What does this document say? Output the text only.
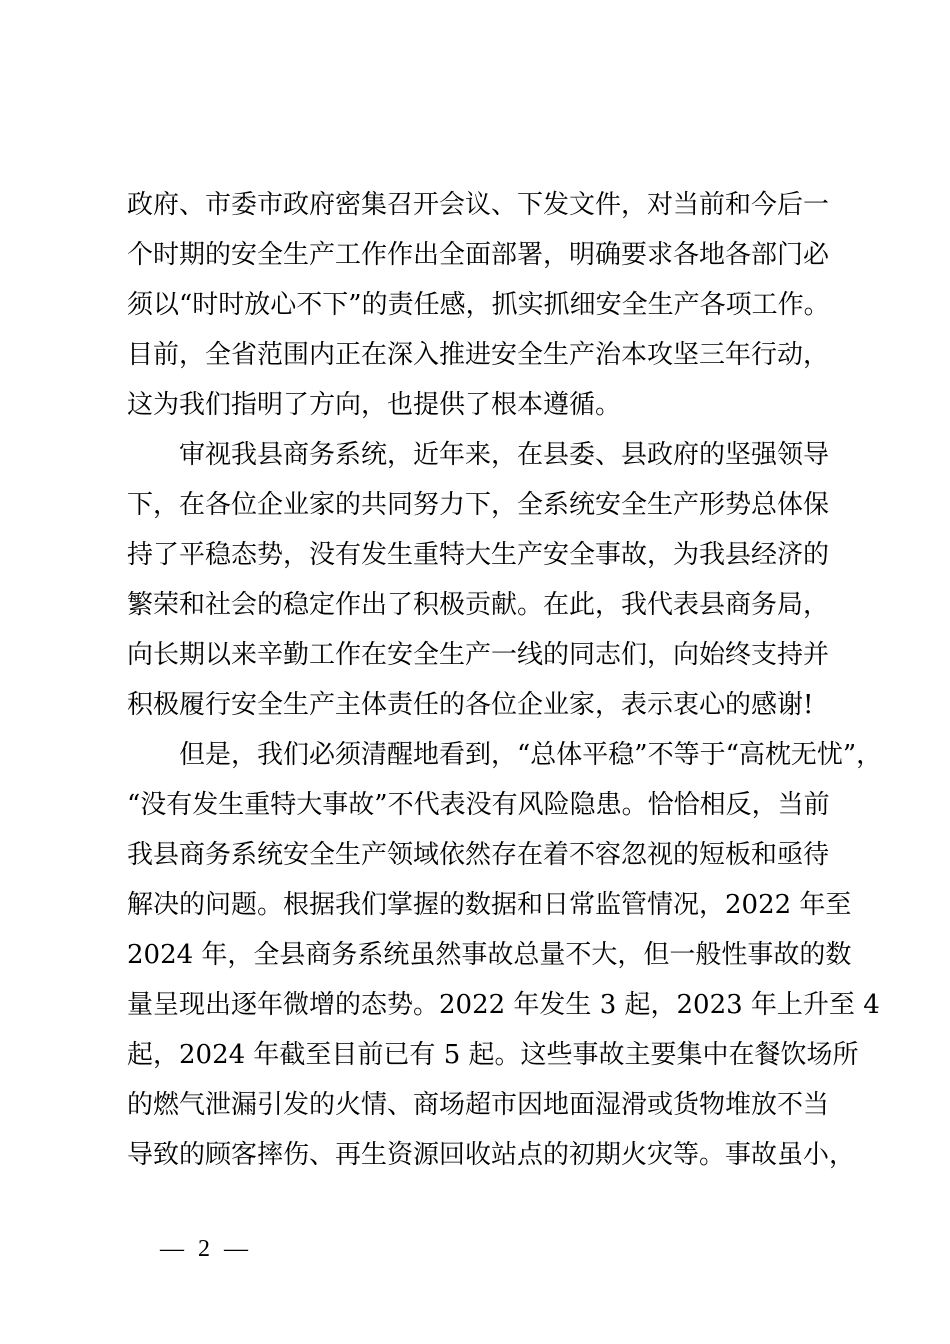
政府、市委市政府密集召开会议、下发文件，对当前和今后一
个时期的安全生产工作作出全面部署，明确要求各地各部门必
须以“时时放心不下”的责任感，抓实抓细安全生产各项工作。
目前，全省范围内正在深入推进安全生产治本攻坚三年行动，
这为我们指明了方向，也提供了根本遵循。
　　审视我县商务系统，近年来，在县委、县政府的坚强领导
下，在各位企业家的共同努力下，全系统安全生产形势总体保
持了平稳态势，没有发生重特大生产安全事故，为我县经济的
繁荣和社会的稳定作出了积极贡献。在此，我代表县商务局，
向长期以来辛勤工作在安全生产一线的同志们，向始终支持并
积极履行安全生产主体责任的各位企业家，表示衷心的感谢!
　　但是，我们必须清醒地看到，“总体平稳”不等于“高枕无忧”，
“没有发生重特大事故”不代表没有风险隐患。恰恰相反，当前
我县商务系统安全生产领域依然存在着不容忽视的短板和亟待
解决的问题。根据我们掌握的数据和日常监管情况，2022 年至
2024 年，全县商务系统虽然事故总量不大，但一般性事故的数
量呈现出逐年微增的态势。2022 年发生 3 起，2023 年上升至 4
起，2024 年截至目前已有 5 起。这些事故主要集中在餐饮场所
的燃气泄漏引发的火情、商场超市因地面湿滑或货物堆放不当
导致的顾客摔伤、再生资源回收站点的初期火灾等。事故虽小，
— 2 —
